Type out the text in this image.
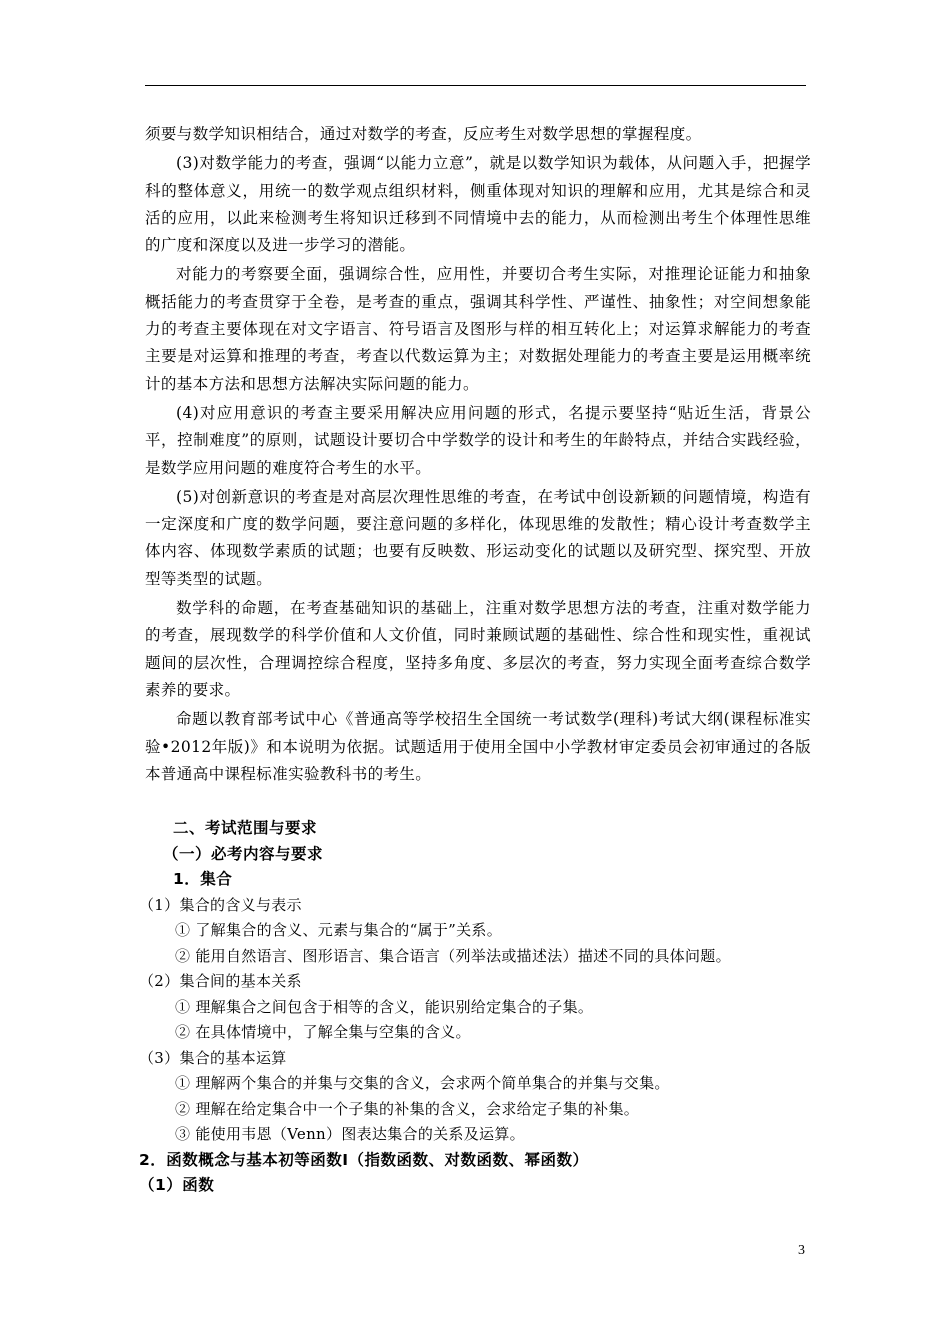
须要与数学知识相结合，通过对数学的考查，反应考生对数学思想的掌握程度。

(3)对数学能力的考查，强调“以能力立意”，就是以数学知识为载体，从问题入手，把握学科的整体意义，用统一的数学观点组织材料，侧重体现对知识的理解和应用，尤其是综合和灵活的应用，以此来检测考生将知识迁移到不同情境中去的能力，从而检测出考生个体理性思维的广度和深度以及进一步学习的潜能。

对能力的考察要全面，强调综合性，应用性，并要切合考生实际，对推理论证能力和抽象概括能力的考查贯穿于全卷，是考查的重点，强调其科学性、严谨性、抽象性；对空间想象能力的考查主要体现在对文字语言、符号语言及图形与样的相互转化上；对运算求解能力的考查主要是对运算和推理的考查，考查以代数运算为主；对数据处理能力的考查主要是运用概率统计的基本方法和思想方法解决实际问题的能力。

(4)对应用意识的考查主要采用解决应用问题的形式，名提示要坚持“贴近生活，背景公平，控制难度”的原则，试题设计要切合中学数学的设计和考生的年龄特点，并结合实践经验，是数学应用问题的难度符合考生的水平。

(5)对创新意识的考查是对高层次理性思维的考查，在考试中创设新颖的问题情境，构造有一定深度和广度的数学问题，要注意问题的多样化，体现思维的发散性；精心设计考查数学主体内容、体现数学素质的试题；也要有反映数、形运动变化的试题以及研究型、探究型、开放型等类型的试题。

数学科的命题，在考查基础知识的基础上，注重对数学思想方法的考查，注重对数学能力的考查，展现数学的科学价值和人文价值，同时兼顾试题的基础性、综合性和现实性，重视试题间的层次性，合理调控综合程度，坚持多角度、多层次的考查，努力实现全面考查综合数学素养的要求。

命题以教育部考试中心《普通高等学校招生全国统一考试数学(理科)考试大纲(课程标准实验•2012年版)》和本说明为依据。试题适用于使用全国中小学教材审定委员会初审通过的各版本普通高中课程标准实验教科书的考生。

二、考试范围与要求

（一）必考内容与要求

1．集合

（1）集合的含义与表示

① 了解集合的含义、元素与集合的“属于”关系。

② 能用自然语言、图形语言、集合语言（列举法或描述法）描述不同的具体问题。

（2）集合间的基本关系

① 理解集合之间包含于相等的含义，能识别给定集合的子集。

② 在具体情境中，了解全集与空集的含义。

（3）集合的基本运算

① 理解两个集合的并集与交集的含义，会求两个简单集合的并集与交集。

② 理解在给定集合中一个子集的补集的含义，会求给定子集的补集。

③ 能使用韦恩（Venn）图表达集合的关系及运算。

2．函数概念与基本初等函数Ⅰ（指数函数、对数函数、幂函数）

（1）函数

3
